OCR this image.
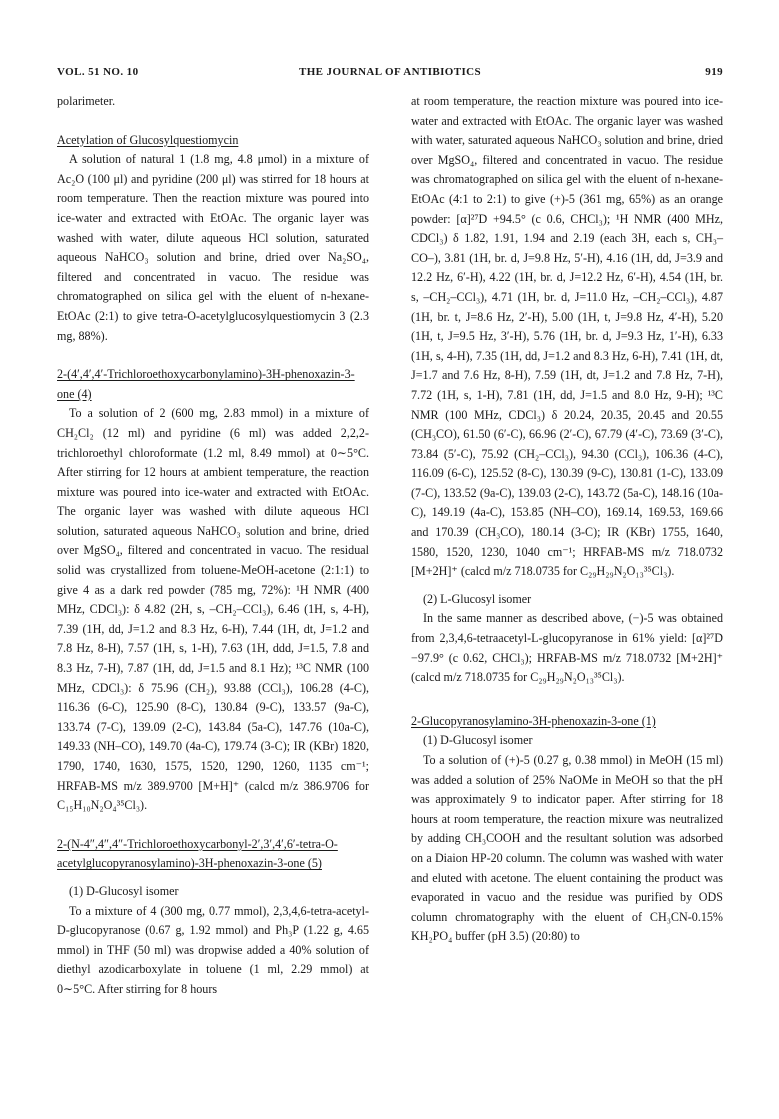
VOL. 51 NO. 10	THE JOURNAL OF ANTIBIOTICS	919

polarimeter.

Acetylation of Glucosylquestiomycin

A solution of natural 1 (1.8 mg, 4.8 μmol) in a mixture of Ac₂O (100 μl) and pyridine (200 μl) was stirred for 18 hours at room temperature. Then the reaction mixture was poured into ice-water and extracted with EtOAc. The organic layer was washed with water, dilute aqueous HCl solution, saturated aqueous NaHCO₃ solution and brine, dried over Na₂SO₄, filtered and concentrated in vacuo. The residue was chromatographed on silica gel with the eluent of n-hexane-EtOAc (2:1) to give tetra-O-acetylglucosylquestiomycin 3 (2.3 mg, 88%).

2-(4′,4′,4′-Trichloroethoxycarbonylamino)-3H-phenoxazin-3-one (4)

To a solution of 2 (600 mg, 2.83 mmol) in a mixture of CH₂Cl₂ (12 ml) and pyridine (6 ml) was added 2,2,2-trichloroethyl chloroformate (1.2 ml, 8.49 mmol) at 0∼5°C. After stirring for 12 hours at ambient temperature, the reaction mixture was poured into ice-water and extracted with EtOAc. The organic layer was washed with dilute aqueous HCl solution, saturated aqueous NaHCO₃ solution and brine, dried over MgSO₄, filtered and concentrated in vacuo. The residual solid was crystallized from toluene-MeOH-acetone (2:1:1) to give 4 as a dark red powder (785 mg, 72%): ¹H NMR (400 MHz, CDCl₃): δ 4.82 (2H, s, –CH₂–CCl₃), 6.46 (1H, s, 4-H), 7.39 (1H, dd, J=1.2 and 8.3 Hz, 6-H), 7.44 (1H, dt, J=1.2 and 7.8 Hz, 8-H), 7.57 (1H, s, 1-H), 7.63 (1H, ddd, J=1.5, 7.8 and 8.3 Hz, 7-H), 7.87 (1H, dd, J=1.5 and 8.1 Hz); ¹³C NMR (100 MHz, CDCl₃): δ 75.96 (CH₂), 93.88 (CCl₃), 106.28 (4-C), 116.36 (6-C), 125.90 (8-C), 130.84 (9-C), 133.57 (9a-C), 133.74 (7-C), 139.09 (2-C), 143.84 (5a-C), 147.76 (10a-C), 149.33 (NH–CO), 149.70 (4a-C), 179.74 (3-C); IR (KBr) 1820, 1790, 1740, 1630, 1575, 1520, 1290, 1260, 1135 cm⁻¹; HRFAB-MS m/z 389.9700 [M+H]⁺ (calcd m/z 386.9706 for C₁₅H₁₀N₂O₄³⁵Cl₃).

2-(N-4″,4″,4″-Trichloroethoxycarbonyl-2′,3′,4′,6′-tetra-O-acetylglucopyranosylamino)-3H-phenoxazin-3-one (5)

(1) D-Glucosyl isomer

To a mixture of 4 (300 mg, 0.77 mmol), 2,3,4,6-tetra-acetyl-D-glucopyranose (0.67 g, 1.92 mmol) and Ph₃P (1.22 g, 4.65 mmol) in THF (50 ml) was dropwise added a 40% solution of diethyl azodicarboxylate in toluene (1 ml, 2.29 mmol) at 0∼5°C. After stirring for 8 hours

at room temperature, the reaction mixture was poured into ice-water and extracted with EtOAc. The organic layer was washed with water, saturated aqueous NaHCO₃ solution and brine, dried over MgSO₄, filtered and concentrated in vacuo. The residue was chromatographed on silica gel with the eluent of n-hexane-EtOAc (4:1 to 2:1) to give (+)-5 (361 mg, 65%) as an orange powder: [α]²⁷D +94.5° (c 0.6, CHCl₃); ¹H NMR (400 MHz, CDCl₃) δ 1.82, 1.91, 1.94 and 2.19 (each 3H, each s, CH₃–CO–), 3.81 (1H, br. d, J=9.8 Hz, 5′-H), 4.16 (1H, dd, J=3.9 and 12.2 Hz, 6′-H), 4.22 (1H, br. d, J=12.2 Hz, 6′-H), 4.54 (1H, br. s, –CH₂–CCl₃), 4.71 (1H, br. d, J=11.0 Hz, –CH₂–CCl₃), 4.87 (1H, br. t, J=8.6 Hz, 2′-H), 5.00 (1H, t, J=9.8 Hz, 4′-H), 5.20 (1H, t, J=9.5 Hz, 3′-H), 5.76 (1H, br. d, J=9.3 Hz, 1′-H), 6.33 (1H, s, 4-H), 7.35 (1H, dd, J=1.2 and 8.3 Hz, 6-H), 7.41 (1H, dt, J=1.7 and 7.6 Hz, 8-H), 7.59 (1H, dt, J=1.2 and 7.8 Hz, 7-H), 7.72 (1H, s, 1-H), 7.81 (1H, dd, J=1.5 and 8.0 Hz, 9-H); ¹³C NMR (100 MHz, CDCl₃) δ 20.24, 20.35, 20.45 and 20.55 (CH₃CO), 61.50 (6′-C), 66.96 (2′-C), 67.79 (4′-C), 73.69 (3′-C), 73.84 (5′-C), 75.92 (CH₂–CCl₃), 94.30 (CCl₃), 106.36 (4-C), 116.09 (6-C), 125.52 (8-C), 130.39 (9-C), 130.81 (1-C), 133.09 (7-C), 133.52 (9a-C), 139.03 (2-C), 143.72 (5a-C), 148.16 (10a-C), 149.19 (4a-C), 153.85 (NH–CO), 169.14, 169.53, 169.66 and 170.39 (CH₃CO), 180.14 (3-C); IR (KBr) 1755, 1640, 1580, 1520, 1230, 1040 cm⁻¹; HRFAB-MS m/z 718.0732 [M+2H]⁺ (calcd m/z 718.0735 for C₂₉H₂₉N₂O₁₃³⁵Cl₃).

(2) L-Glucosyl isomer

In the same manner as described above, (−)-5 was obtained from 2,3,4,6-tetraacetyl-L-glucopyranose in 61% yield: [α]²⁷D −97.9° (c 0.62, CHCl₃); HRFAB-MS m/z 718.0732 [M+2H]⁺ (calcd m/z 718.0735 for C₂₉H₂₉N₂O₁₃³⁵Cl₃).

2-Glucopyranosylamino-3H-phenoxazin-3-one (1)

(1) D-Glucosyl isomer

To a solution of (+)-5 (0.27 g, 0.38 mmol) in MeOH (15 ml) was added a solution of 25% NaOMe in MeOH so that the pH was approximately 9 to indicator paper. After stirring for 18 hours at room temperature, the reaction mixure was neutralized by adding CH₃COOH and the resultant solution was adsorbed on a Diaion HP-20 column. The column was washed with water and eluted with acetone. The eluent containing the product was evaporated in vacuo and the residue was purified by ODS column chromatography with the eluent of CH₃CN-0.15% KH₂PO₄ buffer (pH 3.5) (20:80) to
